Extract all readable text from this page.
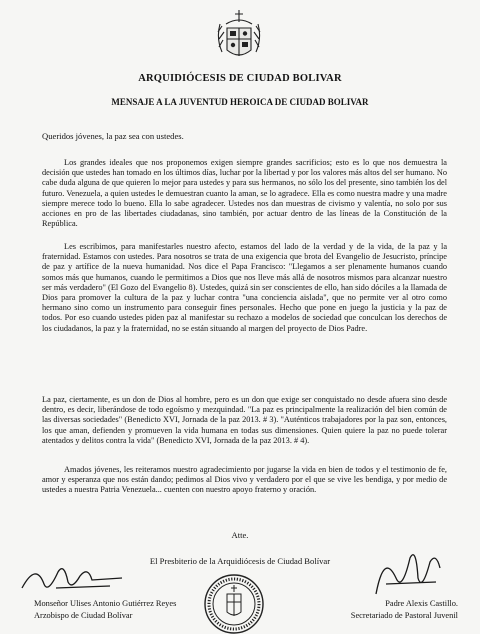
ARQUIDIÓCESIS DE CIUDAD BOLIVAR
MENSAJE A LA JUVENTUD HEROICA DE CIUDAD BOLIVAR
Queridos jóvenes, la paz sea con ustedes.

Los grandes ideales que nos proponemos exigen siempre grandes sacrificios; esto es lo que nos demuestra la decisión que ustedes han tomado en los últimos días, luchar por la libertad y por los valores más altos del ser humano. No cabe duda alguna de que quieren lo mejor para ustedes y para sus hermanos, no sólo los del presente, sino también los del futuro. Venezuela, a quien ustedes le demuestran cuanto la aman, se lo agradece. Ella es como nuestra madre y una madre siempre merece todo lo bueno. Ella lo sabe agradecer. Ustedes nos dan muestras de civismo y valentía, no solo por sus acciones en pro de las libertades ciudadanas, sino también, por actuar dentro de las líneas de la Constitución de la República.

Les escribimos, para manifestarles nuestro afecto, estamos del lado de la verdad y de la vida, de la paz y la fraternidad. Estamos con ustedes. Para nosotros se trata de una exigencia que brota del Evangelio de Jesucristo, príncipe de paz y artífice de la nueva humanidad. Nos dice el Papa Francisco: "Llegamos a ser plenamente humanos cuando somos más que humanos, cuando le permitimos a Dios que nos lleve más allá de nosotros mismos para alcanzar nuestro ser más verdadero" (El Gozo del Evangelio 8). Ustedes, quizá sin ser conscientes de ello, han sido dóciles a la llamada de Dios para promover la cultura de la paz y luchar contra "una conciencia aislada", que no permite ver al otro como hermano sino como un instrumento para conseguir fines personales. Hecho que pone en juego la justicia y la paz de todos. Por eso cuando ustedes piden paz al manifestar su rechazo a modelos de sociedad que conculcan los derechos de los ciudadanos, la paz y la fraternidad, no se están situando al margen del proyecto de Dios Padre.

La paz, ciertamente, es un don de Dios al hombre, pero es un don que exige ser conquistado no desde afuera sino desde dentro, es decir, liberándose de todo egoísmo y mezquindad. "La paz es principalmente la realización del bien común de las diversas sociedades" (Benedicto XVI, Jornada de la paz 2013. # 3). "Auténticos trabajadores por la paz son, entonces, los que aman, defienden y promueven la vida humana en todas sus dimensiones. Quien quiere la paz no puede tolerar atentados y delitos contra la vida" (Benedicto XVI, Jornada de la paz 2013. # 4).

Amados jóvenes, les reiteramos nuestro agradecimiento por jugarse la vida en bien de todos y el testimonio de fe, amor y esperanza que nos están dando; pedimos al Dios vivo y verdadero por el que se vive les bendiga, y por medio de ustedes a nuestra Patria Venezuela... cuenten con nuestro apoyo fraterno y oración.

Atte.
El Presbiterio de la Arquidiócesis de Ciudad Bolívar
Monseñor Ulises Antonio Gutiérrez Reyes
Arzobispo de Ciudad Bolívar
Padre Alexis Castillo.
Secretariado de Pastoral Juvenil
